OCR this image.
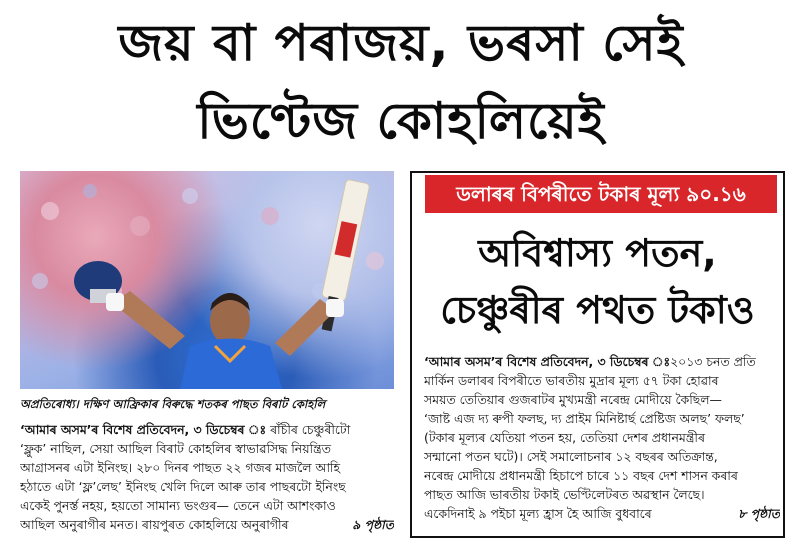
জয় বা পৰাজয়, ভৰসা সেই
ভিণ্টেজ কোহলিয়েই
অপ্ৰতিৰোধ্য। দক্ষিণ আফ্ৰিকাৰ বিৰুদ্ধে শতকৰ পাছত বিৰাট কোহলি

‘আমাৰ অসম’ৰ বিশেষ প্ৰতিবেদন, ৩ ডিচেম্বৰ ঃ ৰাঁচীৰ চেঞ্চুৰীটো

‘ফ্লুক’ নাছিল, সেয়া আছিল বিৰাট কোহলিৰ স্বাভাৱসিদ্ধ নিয়ন্ত্ৰিত

আগ্ৰাসনৰ এটা ইনিংছ। ২৮০ দিনৰ পাছত ২২ গজৰ মাজলৈ আহি

হঠাতে এটা ‘ফ্ল’লেছ’ ইনিংছ খেলি দিলে আৰু তাৰ পাছৰটো ইনিংছ

একেই পুনৰ্স্ত নহয়, হয়তো সামান্য ভংগুৰ— তেনে এটা আশংকাও

আছিল অনুৰাগীৰ মনত। ৰায়পুৰত কোহলিয়ে অনুৰাগীৰ	৯ পৃষ্ঠাত

ডলাৰৰ বিপৰীতে টকাৰ মূল্য ৯০.১৬
অবিশ্বাস্য পতন,
চেঞ্চুৰীৰ পথত টকাও

‘আমাৰ অসম’ৰ বিশেষ প্ৰতিবেদন, ৩ ডিচেম্বৰ ঃ২০১৩ চনত প্ৰতি

মাৰ্কিন ডলাৰৰ বিপৰীতে ভাৰতীয় মুদ্ৰাৰ মূল্য ৫৭ টকা হোৱাৰ

সময়ত তেতিয়াৰ গুজৰাটৰ মুখ্যমন্ত্ৰী নৰেন্দ্ৰ মোদীয়ে কৈছিল—

‘জাষ্ট এজ দ্য ৰুপী ফলছ, দ্য প্ৰাইম মিনিষ্টাৰ্ছ প্ৰেষ্টিজ অলছ’ ফলছ’

(টকাৰ মূল্যৰ যেতিয়া পতন হয়, তেতিয়া দেশৰ প্ৰধানমন্ত্ৰীৰ

সন্মানো পতন ঘটে)। সেই সমালোচনাৰ ১২ বছৰৰ অতিক্ৰান্ত,

নৰেন্দ্ৰ মোদীয়ে প্ৰধানমন্ত্ৰী হিচাপে চাৰে ১১ বছৰ দেশ শাসন কৰাৰ

পাছত আজি ভাৰতীয় টকাই ভেণ্টিলেটৰত অৱস্থান লৈছে।

একেদিনাই ৯ পইচা মূল্য হ্ৰাস হৈ আজি বুধবাৰে	৮ পৃষ্ঠাত
